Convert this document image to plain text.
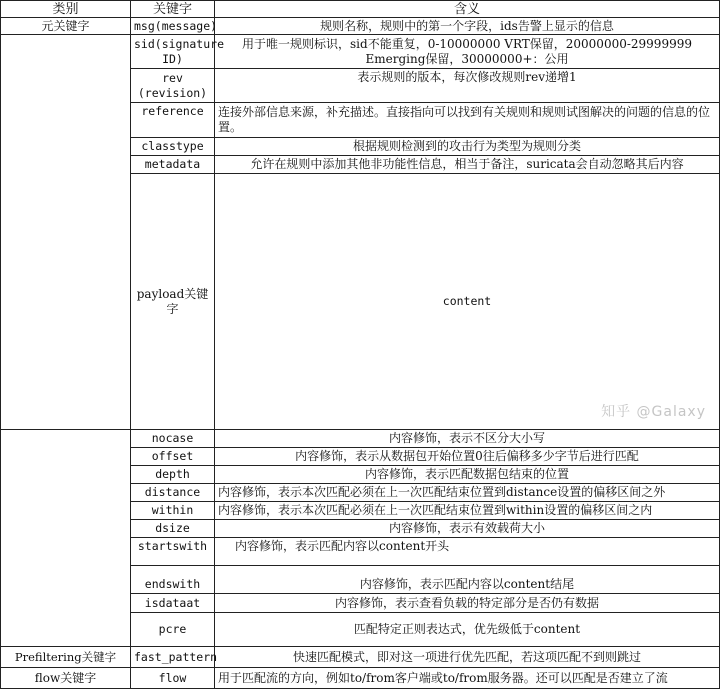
类别	关键字	含义	
元关键字	msg(message)	规则名称，规则中的第一个字段，ids告警上显示的信息	
	sid(signature ID)	用于唯一规则标识，sid不能重复，0-10000000 VRT保留，20000000-29999999 Emerging保留，30000000+：公用	
	rev (revision)	表示规则的版本，每次修改规则rev递增1	
	reference	连接外部信息来源，补充描述。直接指向可以找到有关规则和规则试图解决的问题的信息的位置。	
	classtype	根据规则检测到的攻击行为类型为规则分类	
	metadata	允许在规则中添加其他非功能性信息，相当于备注，suricata会自动忽略其后内容	
	payload关键字	content	
	nocase	内容修饰，表示不区分大小写	
	offset	内容修饰，表示从数据包开始位置0往后偏移多少字节后进行匹配	
	depth	内容修饰，表示匹配数据包结束的位置	
	distance	内容修饰，表示本次匹配必须在上一次匹配结束位置到distance设置的偏移区间之外	
	within	内容修饰，表示本次匹配必须在上一次匹配结束位置到within设置的偏移区间之内	
	dsize	内容修饰，表示有效载荷大小	
	startswith	内容修饰，表示匹配内容以content开头	
	endswith	内容修饰，表示匹配内容以content结尾	
	isdataat	内容修饰，表示查看负载的特定部分是否仍有数据	
	pcre	匹配特定正则表达式，优先级低于content	
Prefiltering关键字	fast_pattern	快速匹配模式，即对这一项进行优先匹配，若这项匹配不到则跳过	
flow关键字	flow	用于匹配流的方向，例如to/from客户端或to/from服务器。还可以匹配是否建立了流	
知乎 @Galaxy
